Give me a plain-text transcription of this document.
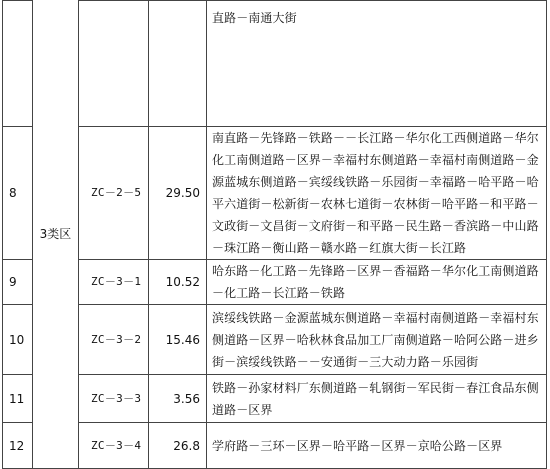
	3类区			直路－南通大街
8		ZC－2－5	29.50	南直路－先锋路－铁路－－长江路－华尔化工西侧道路－华尔化工南侧道路－区界－幸福村东侧道路－幸福村南侧道路－金源蓝城东侧道路－宾绥线铁路－乐园街－幸福路－哈平路－哈平六道街－松新街－农林七道街－农林街－哈平路－和平路－文政街－文昌街－文府街－和平路－民生路－香滨路－中山路－珠江路－衡山路－赣水路－红旗大街－长江路
9		ZC－3－1	10.52	哈东路－化工路－先锋路－区界－香福路－华尔化工南侧道路－化工路－长江路－铁路
10		ZC－3－2	15.46	滨绥线铁路－金源蓝城东侧道路－幸福村南侧道路－幸福村东侧道路－区界－哈秋林食品加工厂南侧道路－哈阿公路－进乡街－滨绥线铁路－－安通街－三大动力路－乐园街
11		ZC－3－3	3.56	铁路－孙家材料厂东侧道路－轧钢街－军民街－春江食品东侧道路－区界
12		ZC－3－4	26.8	学府路－三环－区界－哈平路－区界－京哈公路－区界
